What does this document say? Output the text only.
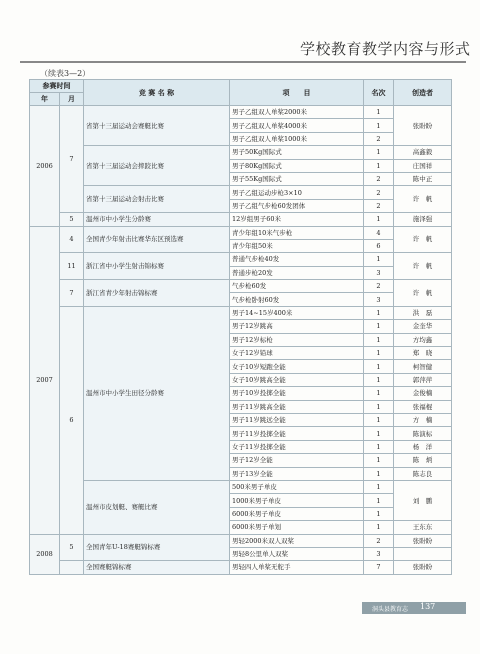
学校教育教学内容与形式
（续表3—2）
参赛时间		竞 赛 名 称	项　　目	名次	创造者
年	月				
2006	7	省第十三届运动会赛艇比赛	男子乙组双人单桨2000米	1	张盼盼
			男子乙组双人单桨4000米	1	
			男子乙组双人单桨1000米	2	
		省第十三届运动会摔跤比赛	男子50Kg国际式	1	高鑫毅
			男子80Kg国际式	1	庄国祥
			男子55Kg国际式	2	陈中正
		省第十三届运动会射击比赛	男子乙组运动步枪3×10	2	许　帆
			男子乙组气步枪60发团体	2	
	5	温州市中小学生分龄赛	12岁组男子60米	1	施泽强
2007	4	全国青少年射击比赛华东区预选赛	青少年组10米气步枪	4	许　帆
			青少年组50米	6	
	11	浙江省中小学生射击锦标赛	普通气步枪40发	1	许　帆
			普通步枪20发	3	
	7	浙江省青少年射击锦标赛	气步枪60发	2	许　帆
			气步枪卧射60发	3	
	6	温州市中小学生田径分龄赛	男子14~15岁400米	1	洪　磊
			男子12岁跳高	1	金奎华
			男子12岁标枪	1	方均鑫
			女子12岁铅球	1	郑　晓
			女子10岁短跑全能	1	柯智健
			女子10岁跳高全能	1	郭萍萍
			男子10岁投掷全能	1	金俊楠
			男子11岁跳高全能	1	张福棍
			男子11岁跳远全能	1	方　楠
			男子11岁投掷全能	1	陈演标
			女子11岁投掷全能	1	杨　洋
			男子12岁全能	1	陈　炳
			男子13岁全能	1	陈志良
		温州市皮划艇、赛艇比赛	500米男子单皮	1	刘　鹏
			1000米男子单皮	1	
			6000米男子单皮	1	
			6000米男子单划	1	王东东
2008	5	全国青年U-18赛艇锦标赛	男轻2000米双人双桨	2	张盼盼
			男轻8公里单人双桨	3	
		全国赛艇锦标赛	男轻四人单桨无舵手	7	张盼盼
洞头县教育志	137
